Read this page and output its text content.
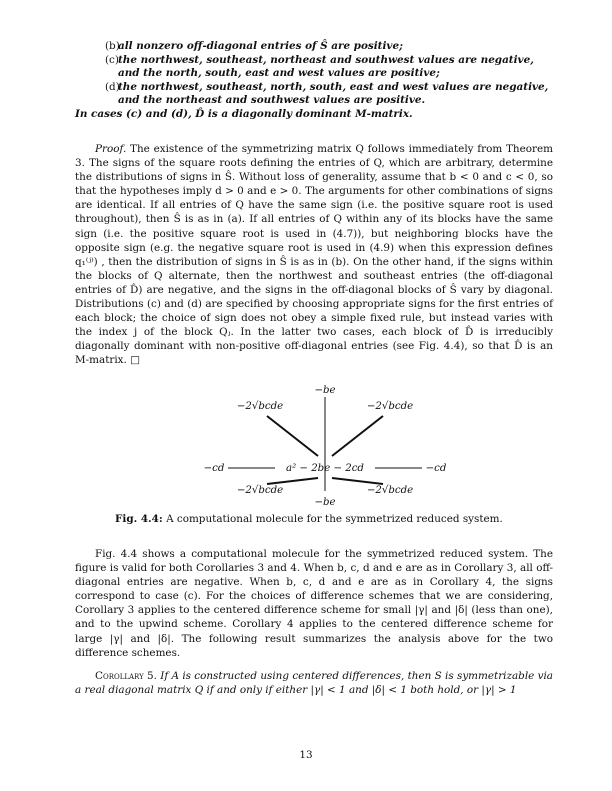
(b)
all nonzero off-diagonal entries of Ŝ are positive;
(c) the northwest, southeast, northeast and southwest values are negative, and the north, south, east and west values are positive;
(d)
the northwest, southeast, north, south, east and west values are negative, and the northeast and southwest values are positive.
In cases (c) and (d), D̂ is a diagonally dominant M-matrix.
Proof. The existence of the symmetrizing matrix Q follows immediately from Theorem 3. The signs of the square roots defining the entries of Q, which are arbitrary, determine the distributions of signs in Ŝ. Without loss of generality, assume that b < 0 and c < 0, so that the hypotheses imply d > 0 and e > 0. The arguments for other combinations of signs are identical. If all entries of Q have the same sign (i.e. the positive square root is used throughout), then Ŝ is as in (a). If all entries of Q within any of its blocks have the same sign (i.e. the positive square root is used in (4.7)), but neighboring blocks have the opposite sign (e.g. the negative square root is used in (4.9) when this expression defines q₁⁽ʲ⁾) , then the distribution of signs in Ŝ is as in (b). On the other hand, if the signs within the blocks of Q alternate, then the northwest and southeast entries (the off-diagonal entries of D̂) are negative, and the signs in the off-diagonal blocks of Ŝ vary by diagonal. Distributions (c) and (d) are specified by choosing appropriate signs for the first entries of each block; the choice of sign does not obey a simple fixed rule, but instead varies with the index j of the block Qⱼ. In the latter two cases, each block of D̂ is irreducibly diagonally dominant with non-positive off-diagonal entries (see Fig. 4.4), so that D̂ is an M-matrix. □
−be
−2√bcde	−2√bcde
−cd	a² − 2be − 2cd	−cd
−2√bcde	−2√bcde
−be
Fig. 4.4: A computational molecule for the symmetrized reduced system.
Fig. 4.4 shows a computational molecule for the symmetrized reduced system. The figure is valid for both Corollaries 3 and 4. When b, c, d and e are as in Corollary 3, all off-diagonal entries are negative. When b, c, d and e are as in Corollary 4, the signs correspond to case (c). For the choices of difference schemes that we are considering, Corollary 3 applies to the centered difference scheme for small |γ| and |δ| (less than one), and to the upwind scheme. Corollary 4 applies to the centered difference scheme for large |γ| and |δ|. The following result summarizes the analysis above for the two difference schemes.
Corollary 5. If A is constructed using centered differences, then S is symmetrizable via a real diagonal matrix Q if and only if either |γ| < 1 and |δ| < 1 both hold, or |γ| > 1
13
